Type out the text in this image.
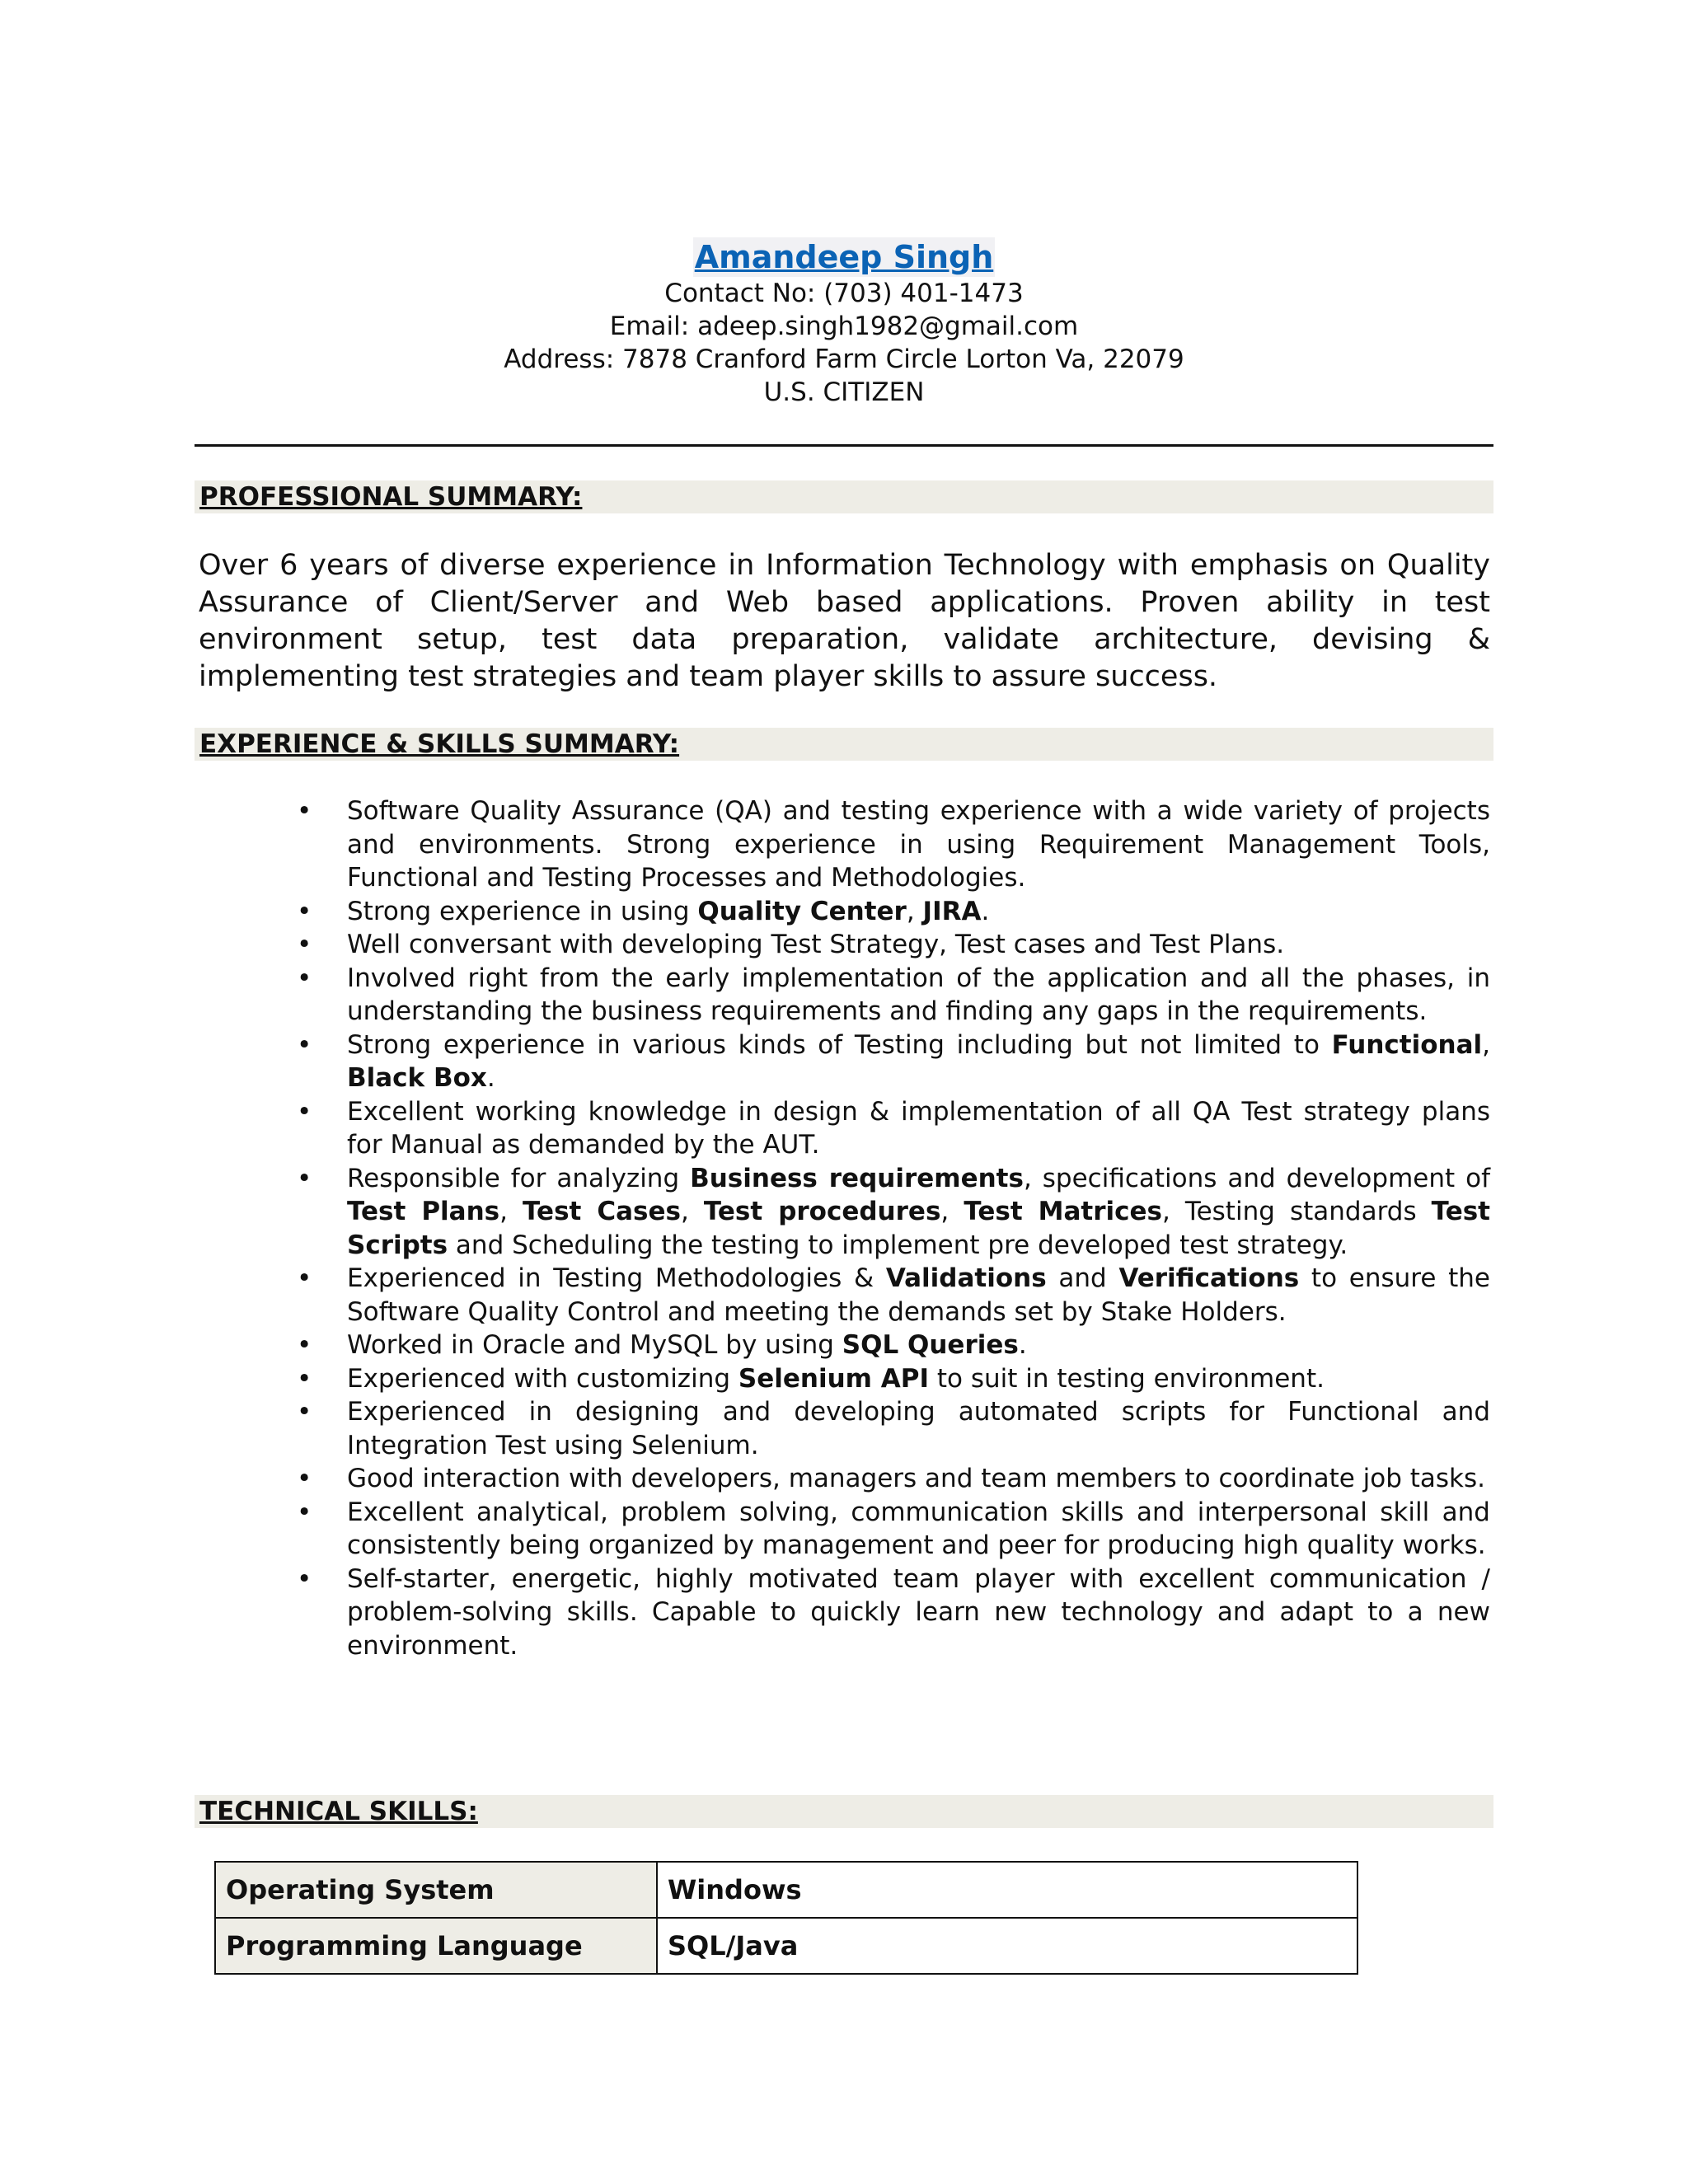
Amandeep Singh
Contact No: (703) 401-1473
Email: adeep.singh1982@gmail.com
Address: 7878 Cranford Farm Circle Lorton Va, 22079
U.S. CITIZEN
PROFESSIONAL SUMMARY:
Over 6 years of diverse experience in Information Technology with emphasis on Quality Assurance of Client/Server and Web based applications. Proven ability in test environment setup, test data preparation, validate architecture, devising & implementing test strategies and team player skills to assure success.
EXPERIENCE & SKILLS SUMMARY:
• Software Quality Assurance (QA) and testing experience with a wide variety of projects and environments. Strong experience in using Requirement Management Tools, Functional and Testing Processes and Methodologies.
• Strong experience in using Quality Center, JIRA.
• Well conversant with developing Test Strategy, Test cases and Test Plans.
• Involved right from the early implementation of the application and all the phases, in understanding the business requirements and finding any gaps in the requirements.
• Strong experience in various kinds of Testing including but not limited to Functional, Black Box.
• Excellent working knowledge in design & implementation of all QA Test strategy plans for Manual as demanded by the AUT.
• Responsible for analyzing Business requirements, specifications and development of Test Plans, Test Cases, Test procedures, Test Matrices, Testing standards Test Scripts and Scheduling the testing to implement pre developed test strategy.
• Experienced in Testing Methodologies & Validations and Verifications to ensure the Software Quality Control and meeting the demands set by Stake Holders.
• Worked in Oracle and MySQL by using SQL Queries.
• Experienced with customizing Selenium API to suit in testing environment.
• Experienced in designing and developing automated scripts for Functional and Integration Test using Selenium.
• Good interaction with developers, managers and team members to coordinate job tasks.
• Excellent analytical, problem solving, communication skills and interpersonal skill and consistently being organized by management and peer for producing high quality works.
• Self-starter, energetic, highly motivated team player with excellent communication / problem-solving skills. Capable to quickly learn new technology and adapt to a new environment.
TECHNICAL SKILLS:
Operating System	Windows
Programming Language	SQL/Java
